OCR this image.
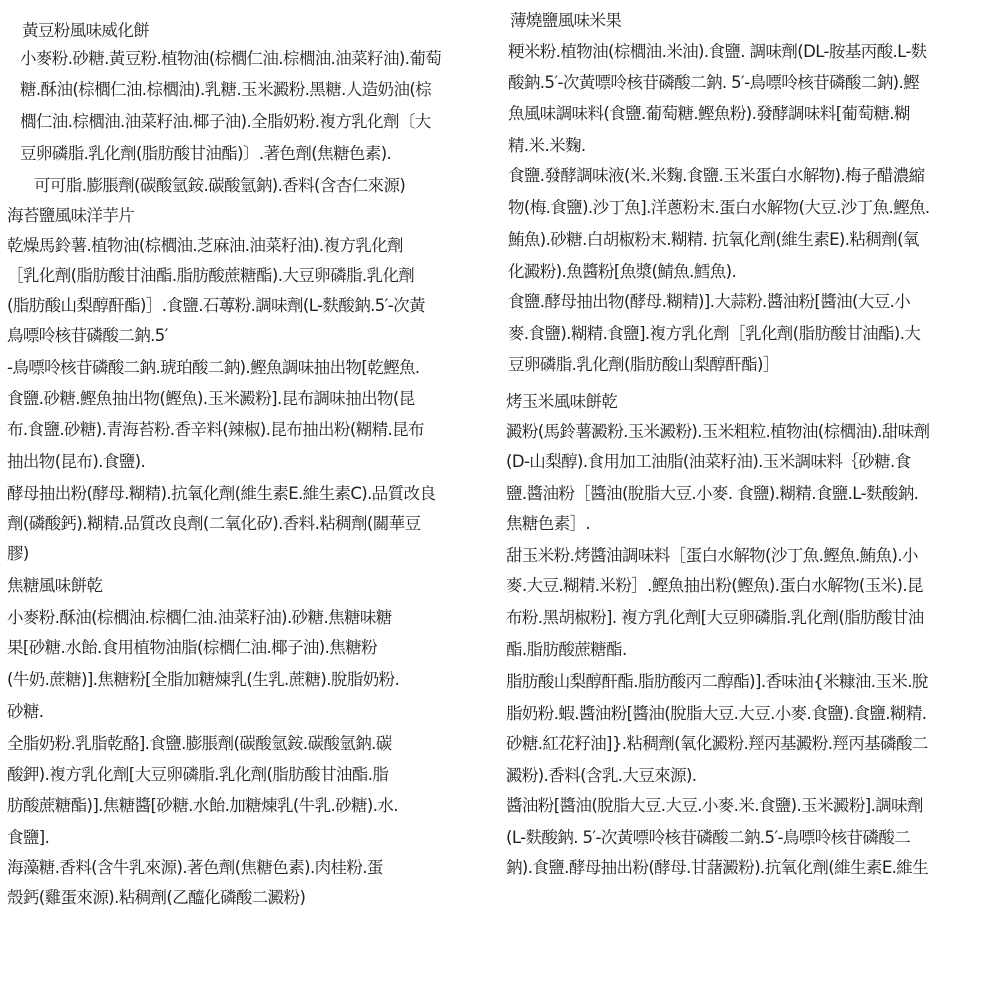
黃豆粉風味威化餅
小麥粉.砂糖.黃豆粉.植物油(棕櫚仁油.棕櫚油.油菜籽油).葡萄
糖.酥油(棕櫚仁油.棕櫚油).乳糖.玉米澱粉.黑糖.人造奶油(棕
櫚仁油.棕櫚油.油菜籽油.椰子油).全脂奶粉.複方乳化劑〔大
豆卵磷脂.乳化劑(脂肪酸甘油酯)〕.著色劑(焦糖色素).
可可脂.膨脹劑(碳酸氫銨.碳酸氫鈉).香料(含杏仁來源)
海苔鹽風味洋芋片
乾燥馬鈴薯.植物油(棕櫚油.芝麻油.油菜籽油).複方乳化劑
［乳化劑(脂肪酸甘油酯.脂肪酸蔗糖酯).大豆卵磷脂.乳化劑
(脂肪酸山梨醇酐酯)］.食鹽.石蓴粉.調味劑(L-麩酸鈉.5′-次黃
鳥嘌呤核苷磷酸二鈉.5′
-鳥嘌呤核苷磷酸二鈉.琥珀酸二鈉).鰹魚調味抽出物[乾鰹魚.
食鹽.砂糖.鰹魚抽出物(鰹魚).玉米澱粉].昆布調味抽出物(昆
布.食鹽.砂糖).青海苔粉.香辛料(辣椒).昆布抽出粉(糊精.昆布
抽出物(昆布).食鹽).
酵母抽出粉(酵母.糊精).抗氧化劑(維生素E.維生素C).品質改良
劑(磷酸鈣).糊精.品質改良劑(二氧化矽).香料.粘稠劑(關華豆
膠)
焦糖風味餅乾
小麥粉.酥油(棕櫚油.棕櫚仁油.油菜籽油).砂糖.焦糖味糖
果[砂糖.水飴.食用植物油脂(棕櫚仁油.椰子油).焦糖粉
(牛奶.蔗糖)].焦糖粉[全脂加糖煉乳(生乳.蔗糖).脫脂奶粉.
砂糖.
全脂奶粉.乳脂乾酪].食鹽.膨脹劑(碳酸氫銨.碳酸氫鈉.碳
酸鉀).複方乳化劑[大豆卵磷脂.乳化劑(脂肪酸甘油酯.脂
肪酸蔗糖酯)].焦糖醬[砂糖.水飴.加糖煉乳(牛乳.砂糖).水.
食鹽].
海藻糖.香料(含牛乳來源).著色劑(焦糖色素).肉桂粉.蛋
殼鈣(雞蛋來源).粘稠劑(乙醯化磷酸二澱粉)
薄燒鹽風味米果
粳米粉.植物油(棕櫚油.米油).食鹽. 調味劑(DL-胺基丙酸.L-麩
酸鈉.5′-次黃嘌呤核苷磷酸二鈉. 5′-鳥嘌呤核苷磷酸二鈉).鰹
魚風味調味料(食鹽.葡萄糖.鰹魚粉).發酵調味料[葡萄糖.糊
精.米.米麴.
食鹽.發酵調味液(米.米麴.食鹽.玉米蛋白水解物).梅子醋濃縮
物(梅.食鹽).沙丁魚].洋蔥粉末.蛋白水解物(大豆.沙丁魚.鰹魚.
鮪魚).砂糖.白胡椒粉末.糊精. 抗氧化劑(維生素E).粘稠劑(氧
化澱粉).魚醬粉[魚漿(鯖魚.鱈魚).
食鹽.酵母抽出物(酵母.糊精)].大蒜粉.醬油粉[醬油(大豆.小
麥.食鹽).糊精.食鹽].複方乳化劑［乳化劑(脂肪酸甘油酯).大
豆卵磷脂.乳化劑(脂肪酸山梨醇酐酯)］
烤玉米風味餅乾
澱粉(馬鈴薯澱粉.玉米澱粉).玉米粗粒.植物油(棕櫚油).甜味劑
(D-山梨醇).食用加工油脂(油菜籽油).玉米調味料｛砂糖.食
鹽.醬油粉［醬油(脫脂大豆.小麥. 食鹽).糊精.食鹽.L-麩酸鈉.
焦糖色素］.
甜玉米粉.烤醬油調味料［蛋白水解物(沙丁魚.鰹魚.鮪魚).小
麥.大豆.糊精.米粉］.鰹魚抽出粉(鰹魚).蛋白水解物(玉米).昆
布粉.黑胡椒粉]. 複方乳化劑[大豆卵磷脂.乳化劑(脂肪酸甘油
酯.脂肪酸蔗糖酯.
脂肪酸山梨醇酐酯.脂肪酸丙二醇酯)].香味油{米糠油.玉米.脫
脂奶粉.蝦.醬油粉[醬油(脫脂大豆.大豆.小麥.食鹽).食鹽.糊精.
砂糖.紅花籽油]}.粘稠劑(氧化澱粉.羥丙基澱粉.羥丙基磷酸二
澱粉).香料(含乳.大豆來源).
醬油粉[醬油(脫脂大豆.大豆.小麥.米.食鹽).玉米澱粉].調味劑
(L-麩酸鈉. 5′-次黃嘌呤核苷磷酸二鈉.5′-鳥嘌呤核苷磷酸二
鈉).食鹽.酵母抽出粉(酵母.甘藷澱粉).抗氧化劑(維生素E.維生
